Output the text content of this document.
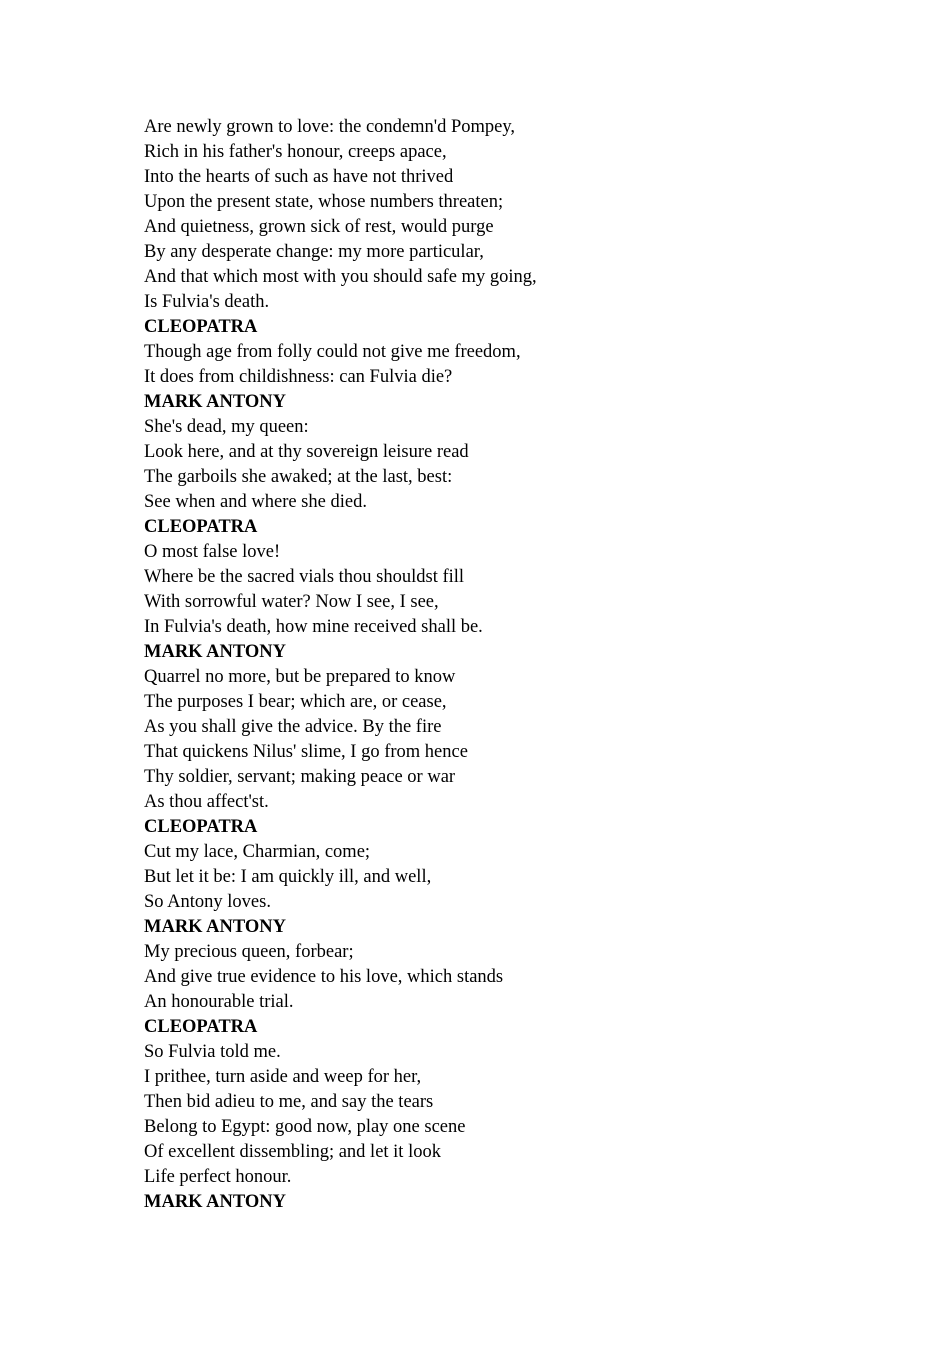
Are newly grown to love: the condemn'd Pompey,
Rich in his father's honour, creeps apace,
Into the hearts of such as have not thrived
Upon the present state, whose numbers threaten;
And quietness, grown sick of rest, would purge
By any desperate change: my more particular,
And that which most with you should safe my going,
Is Fulvia's death.
CLEOPATRA
Though age from folly could not give me freedom,
It does from childishness: can Fulvia die?
MARK ANTONY
She's dead, my queen:
Look here, and at thy sovereign leisure read
The garboils she awaked; at the last, best:
See when and where she died.
CLEOPATRA
O most false love!
Where be the sacred vials thou shouldst fill
With sorrowful water? Now I see, I see,
In Fulvia's death, how mine received shall be.
MARK ANTONY
Quarrel no more, but be prepared to know
The purposes I bear; which are, or cease,
As you shall give the advice. By the fire
That quickens Nilus' slime, I go from hence
Thy soldier, servant; making peace or war
As thou affect'st.
CLEOPATRA
Cut my lace, Charmian, come;
But let it be: I am quickly ill, and well,
So Antony loves.
MARK ANTONY
My precious queen, forbear;
And give true evidence to his love, which stands
An honourable trial.
CLEOPATRA
So Fulvia told me.
I prithee, turn aside and weep for her,
Then bid adieu to me, and say the tears
Belong to Egypt: good now, play one scene
Of excellent dissembling; and let it look
Life perfect honour.
MARK ANTONY
